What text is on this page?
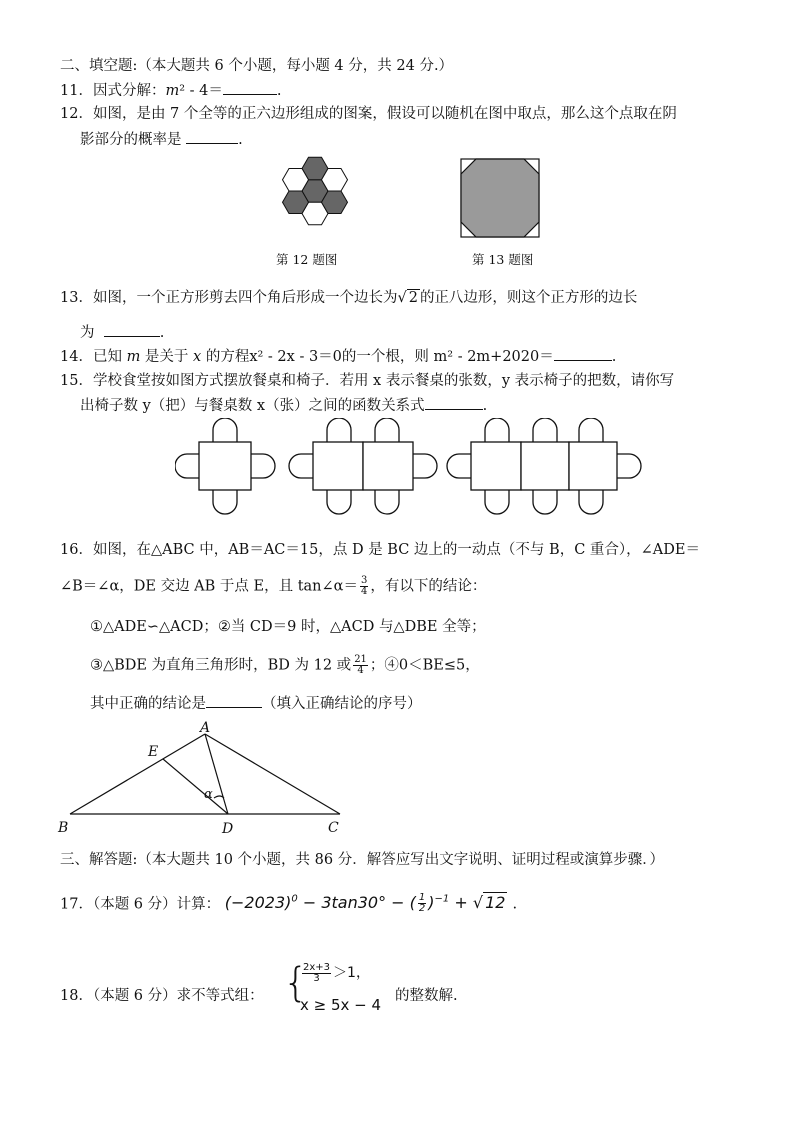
二、填空题:（本大题共 6 个小题，每小题 4 分，共 24 分.）
11．因式分解：m² - 4＝	.
12．如图，是由 7 个全等的正六边形组成的图案，假设可以随机在图中取点，那么这个点取在阴
影部分的概率是	.
第 12 题图	第 13 题图
13．如图，一个正方形剪去四个角后形成一个边长为√ 2 的正八边形，则这个正方形的边长
为	.
14．已知 m 是关于 x 的方程x² - 2x - 3＝0的一个根，则 m² - 2m+2020＝	.
15．学校食堂按如图方式摆放餐桌和椅子．若用 x 表示餐桌的张数，y 表示椅子的把数，请你写
出椅子数 y（把）与餐桌数 x（张）之间的函数关系式	.
16．如图，在△ABC 中，AB＝AC＝15，点 D 是 BC 边上的一动点（不与 B，C 重合），∠ADE＝
∠B＝∠α，DE 交边 AB 于点 E，且 tan∠α＝ $\frac{3}{4}$ ，有以下的结论：
①△ADE∽△ACD；②当 CD＝9 时，△ACD 与△DBE 全等；
③△BDE 为直角三角形时，BD 为 12 或 $\frac{21}{4}$ ；④0＜BE≤5，
其中正确的结论是	（填入正确结论的序号）
A
B	C
D
E
α
三、解答题:（本大题共 10 个小题，共 86 分．解答应写出文字说明、证明过程或演算步骤．）
17．（本题 6 分）计算： $(-2023)^0 - 3\tan 30^\circ$ − ( $\frac{1}{2} )^{-1}$ + √ 12 .
18．（本题 6 分）求不等式组： {
$\frac{2x+3}{3} >1$，
x ≥ 5x − 4 的整数解.
